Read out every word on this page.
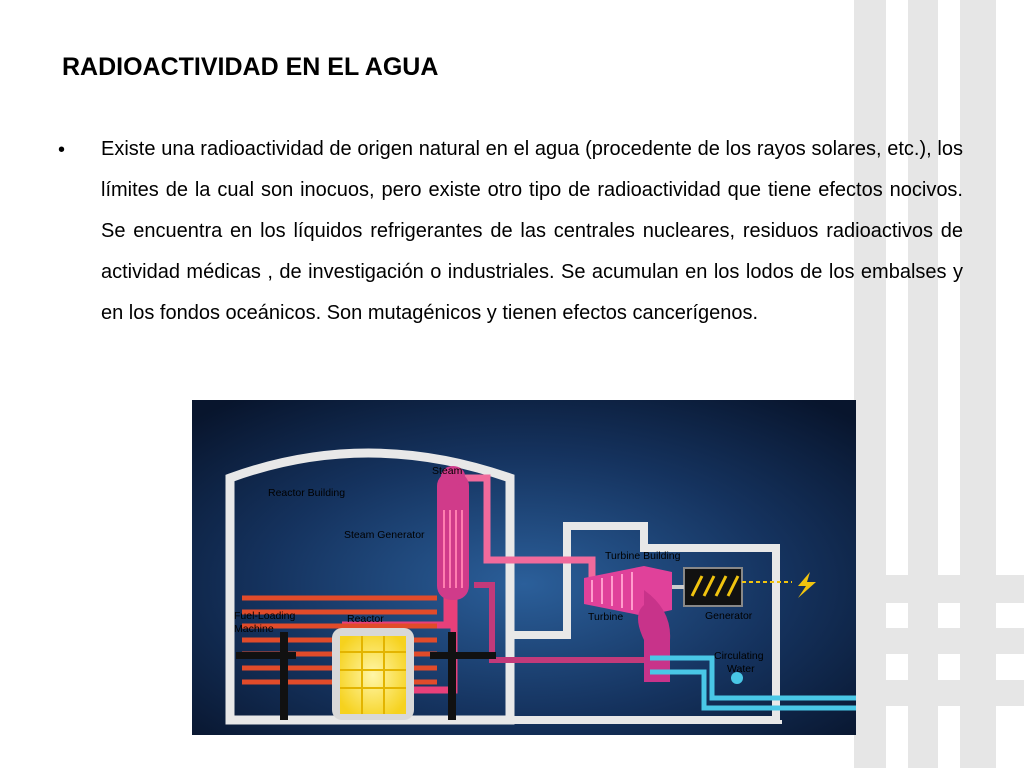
RADIOACTIVIDAD EN EL AGUA
• Existe una radioactividad de origen natural en el agua (procedente de los rayos solares, etc.), los límites de la cual son inocuos, pero existe otro tipo de radioactividad que tiene efectos nocivos. Se encuentra en los líquidos refrigerantes de las centrales nucleares, residuos radioactivos de actividad médicas , de investigación o industriales. Se acumulan en los lodos de los embalses y en los fondos oceánicos. Son mutagénicos y tienen efectos cancerígenos.

Steam
Reactor Building
Steam Generator
Turbine Building
Fuel-Loading
Machine
Reactor	Turbine	Generator
Circulating
Water
